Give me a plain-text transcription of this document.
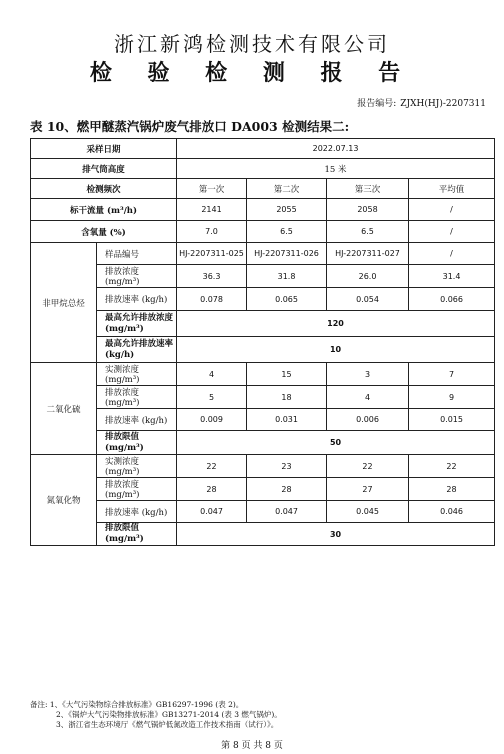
浙江新鸿检测技术有限公司
检 验 检 测 报 告
报告编号: ZJXH(HJ)-2207311
表 10、燃甲醚蒸汽锅炉废气排放口 DA003 检测结果二:
采样日期		2022.07.13			
排气筒高度		15 米			
检测频次		第一次	第二次	第三次	平均值
标干流量 (m³/h)		2141	2055	2058	/
含氧量 (%)		7.0	6.5	6.5	/
非甲烷总烃	样品编号	HJ-2207311-025	HJ-2207311-026	HJ-2207311-027	/
	排放浓度 (mg/m³)	36.3	31.8	26.0	31.4
	排放速率 (kg/h)	0.078	0.065	0.054	0.066
	最高允许排放浓度 (mg/m³)	120			
	最高允许排放速率 (kg/h)	10			
二氧化硫	实测浓度 (mg/m³)	4	15	3	7
	排放浓度 (mg/m³)	5	18	4	9
	排放速率 (kg/h)	0.009	0.031	0.006	0.015
	排放限值 (mg/m³)	50			
氮氧化物	实测浓度 (mg/m³)	22	23	22	22
	排放浓度 (mg/m³)	28	28	27	28
	排放速率 (kg/h)	0.047	0.047	0.045	0.046
	排放限值 (mg/m³)	30			
备注: 1、《大气污染物综合排放标准》GB16297-1996 (表 2)。
2、《锅炉大气污染物排放标准》GB13271-2014 (表 3 燃气锅炉)。
3、浙江省生态环境厅《燃气锅炉低氮改造工作技术指南（试行）》。
第 8 页 共 8 页
